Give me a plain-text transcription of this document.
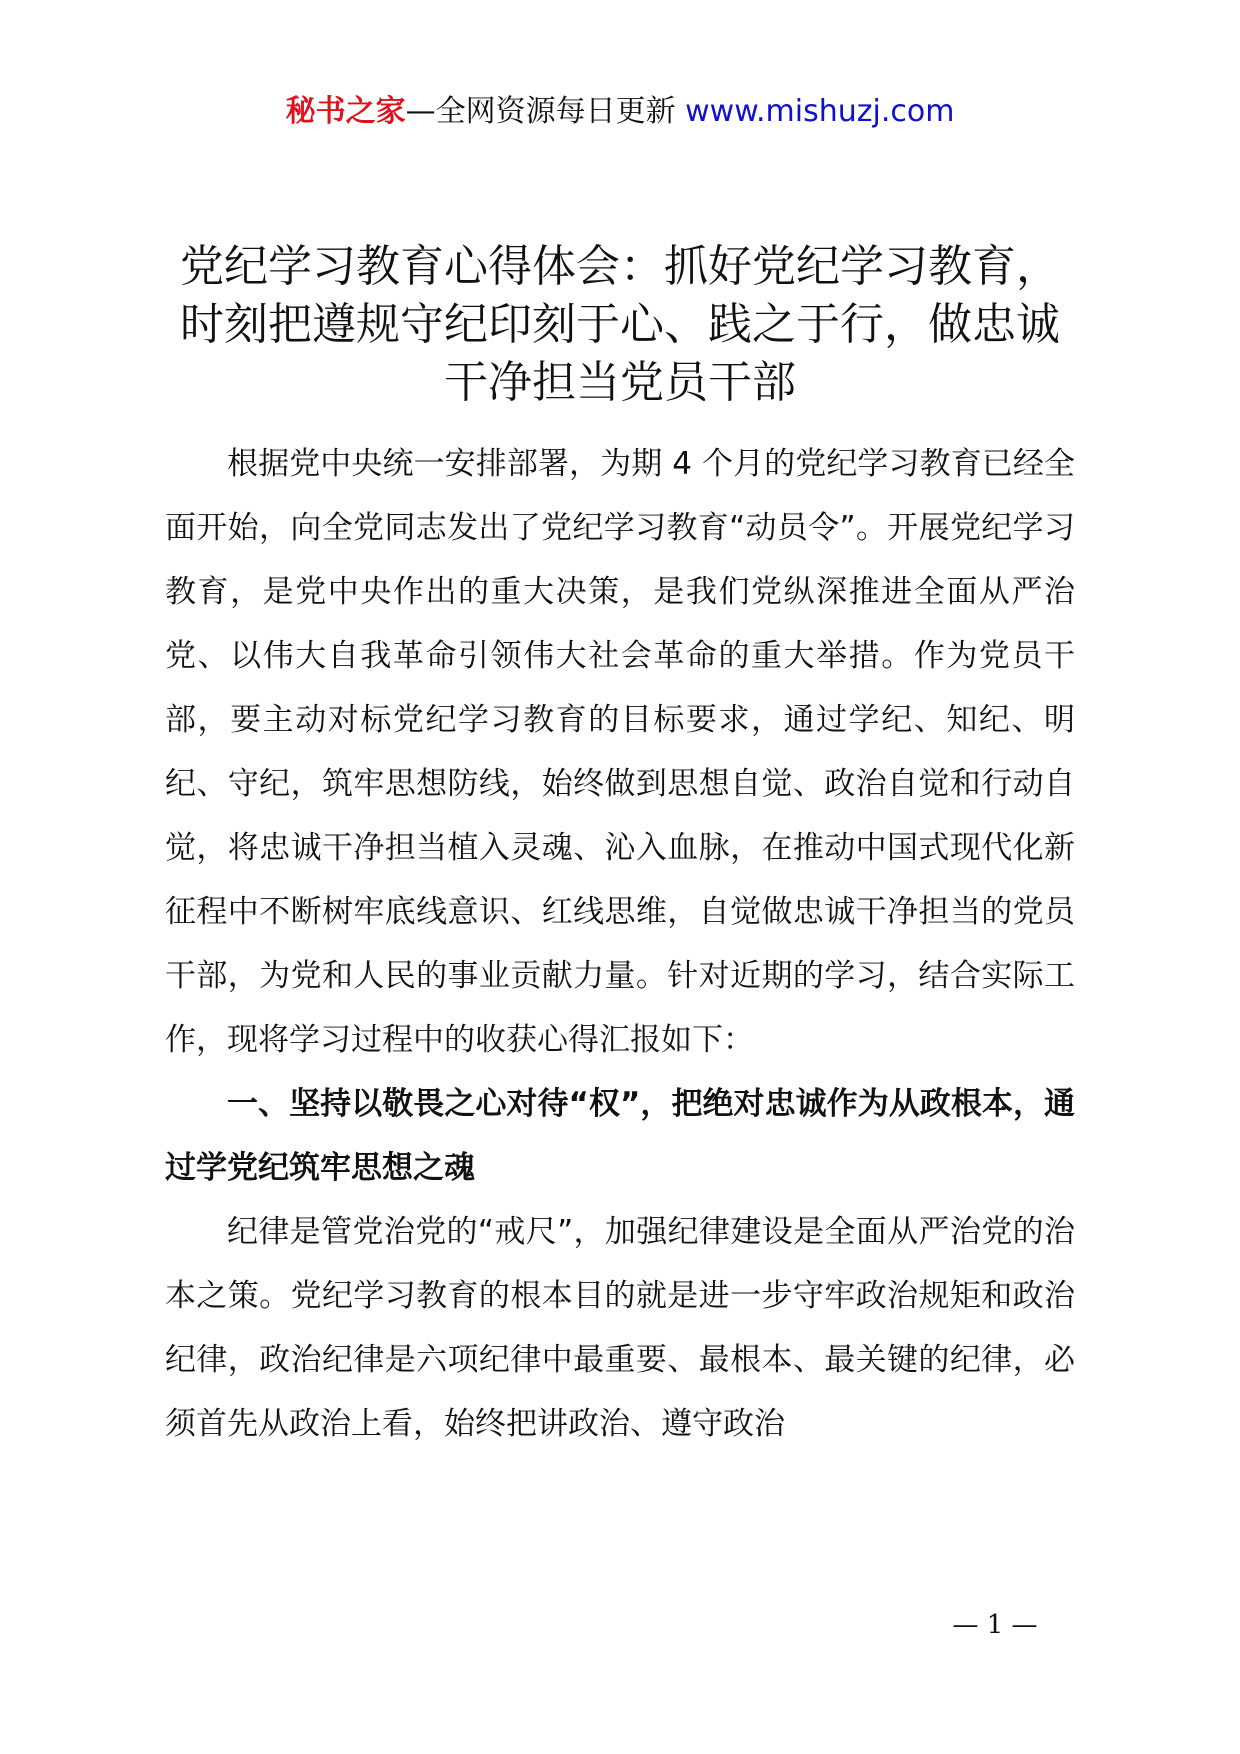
秘书之家—全网资源每日更新 www.mishuzj.com
党纪学习教育心得体会：抓好党纪学习教育，
时刻把遵规守纪印刻于心、践之于行，做忠诚
干净担当党员干部

根据党中央统一安排部署，为期 4 个月的党纪学习教育已经全面开始，向全党同志发出了党纪学习教育“动员令”。开展党纪学习教育，是党中央作出的重大决策，是我们党纵深推进全面从严治党、以伟大自我革命引领伟大社会革命的重大举措。作为党员干部，要主动对标党纪学习教育的目标要求，通过学纪、知纪、明纪、守纪，筑牢思想防线，始终做到思想自觉、政治自觉和行动自觉，将忠诚干净担当植入灵魂、沁入血脉，在推动中国式现代化新征程中不断树牢底线意识、红线思维，自觉做忠诚干净担当的党员干部，为党和人民的事业贡献力量。针对近期的学习，结合实际工作，现将学习过程中的收获心得汇报如下：

一、坚持以敬畏之心对待“权”，把绝对忠诚作为从政根本，通过学党纪筑牢思想之魂

纪律是管党治党的“戒尺”，加强纪律建设是全面从严治党的治本之策。党纪学习教育的根本目的就是进一步守牢政治规矩和政治纪律，政治纪律是六项纪律中最重要、最根本、最关键的纪律，必须首先从政治上看，始终把讲政治、遵守政治

— 1 —
